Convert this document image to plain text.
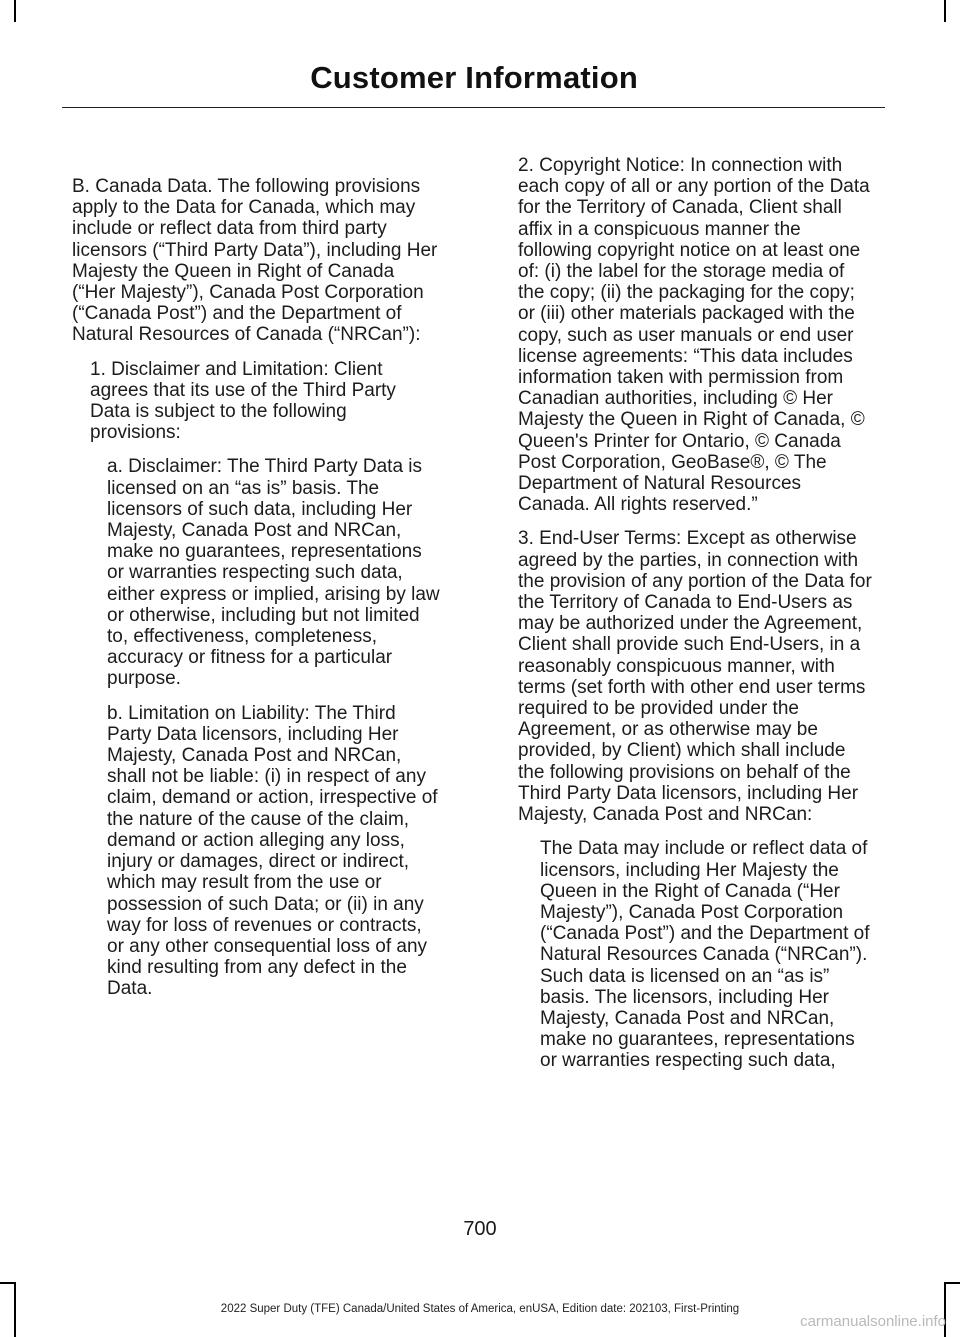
Customer Information

B. Canada Data. The following provisions apply to the Data for Canada, which may include or reflect data from third party licensors (“Third Party Data”), including Her Majesty the Queen in Right of Canada (“Her Majesty”), Canada Post Corporation (“Canada Post”) and the Department of Natural Resources of Canada (“NRCan”):

1. Disclaimer and Limitation: Client agrees that its use of the Third Party Data is subject to the following provisions:

a. Disclaimer: The Third Party Data is licensed on an “as is” basis. The licensors of such data, including Her Majesty, Canada Post and NRCan, make no guarantees, representations or warranties respecting such data, either express or implied, arising by law or otherwise, including but not limited to, effectiveness, completeness, accuracy or fitness for a particular purpose.

b. Limitation on Liability: The Third Party Data licensors, including Her Majesty, Canada Post and NRCan, shall not be liable: (i) in respect of any claim, demand or action, irrespective of the nature of the cause of the claim, demand or action alleging any loss, injury or damages, direct or indirect, which may result from the use or possession of such Data; or (ii) in any way for loss of revenues or contracts, or any other consequential loss of any kind resulting from any defect in the Data.

2. Copyright Notice: In connection with each copy of all or any portion of the Data for the Territory of Canada, Client shall affix in a conspicuous manner the following copyright notice on at least one of: (i) the label for the storage media of the copy; (ii) the packaging for the copy; or (iii) other materials packaged with the copy, such as user manuals or end user license agreements: “This data includes information taken with permission from Canadian authorities, including © Her Majesty the Queen in Right of Canada, © Queen's Printer for Ontario, © Canada Post Corporation, GeoBase®, © The Department of Natural Resources Canada. All rights reserved.”

3. End-User Terms: Except as otherwise agreed by the parties, in connection with the provision of any portion of the Data for the Territory of Canada to End-Users as may be authorized under the Agreement, Client shall provide such End-Users, in a reasonably conspicuous manner, with terms (set forth with other end user terms required to be provided under the Agreement, or as otherwise may be provided, by Client) which shall include the following provisions on behalf of the Third Party Data licensors, including Her Majesty, Canada Post and NRCan:

The Data may include or reflect data of licensors, including Her Majesty the Queen in the Right of Canada (“Her Majesty”), Canada Post Corporation (“Canada Post”) and the Department of Natural Resources Canada (“NRCan”). Such data is licensed on an “as is” basis. The licensors, including Her Majesty, Canada Post and NRCan, make no guarantees, representations or warranties respecting such data,

700
2022 Super Duty (TFE) Canada/United States of America, enUSA, Edition date: 202103, First-Printing
carmanualsonline.info
